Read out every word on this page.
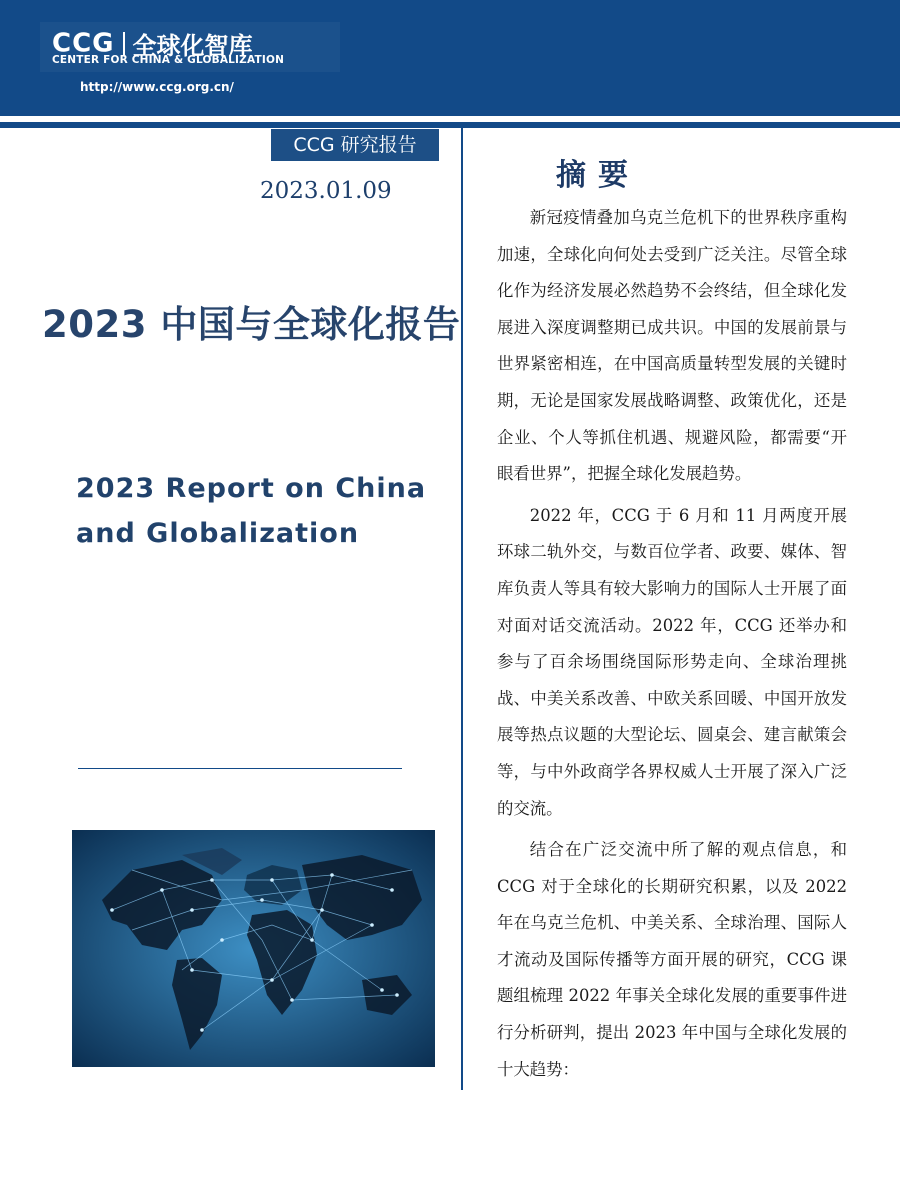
CCG 全球化智库
CENTER FOR CHINA & GLOBALIZATION
http://www.ccg.org.cn/
CCG 研究报告
2023.01.09
2023 中国与全球化报告
2023 Report on China
and Globalization
摘要

新冠疫情叠加乌克兰危机下的世界秩序重构加速，全球化向何处去受到广泛关注。尽管全球化作为经济发展必然趋势不会终结，但全球化发展进入深度调整期已成共识。中国的发展前景与世界紧密相连，在中国高质量转型发展的关键时期，无论是国家发展战略调整、政策优化，还是企业、个人等抓住机遇、规避风险，都需要“开眼看世界”，把握全球化发展趋势。

2022 年，CCG 于 6 月和 11 月两度开展环球二轨外交，与数百位学者、政要、媒体、智库负责人等具有较大影响力的国际人士开展了面对面对话交流活动。2022 年，CCG 还举办和参与了百余场围绕国际形势走向、全球治理挑战、中美关系改善、中欧关系回暖、中国开放发展等热点议题的大型论坛、圆桌会、建言献策会等，与中外政商学各界权威人士开展了深入广泛的交流。

结合在广泛交流中所了解的观点信息，和 CCG 对于全球化的长期研究积累，以及 2022 年在乌克兰危机、中美关系、全球治理、国际人才流动及国际传播等方面开展的研究，CCG 课题组梳理 2022 年事关全球化发展的重要事件进行分析研判，提出 2023 年中国与全球化发展的十大趋势：
